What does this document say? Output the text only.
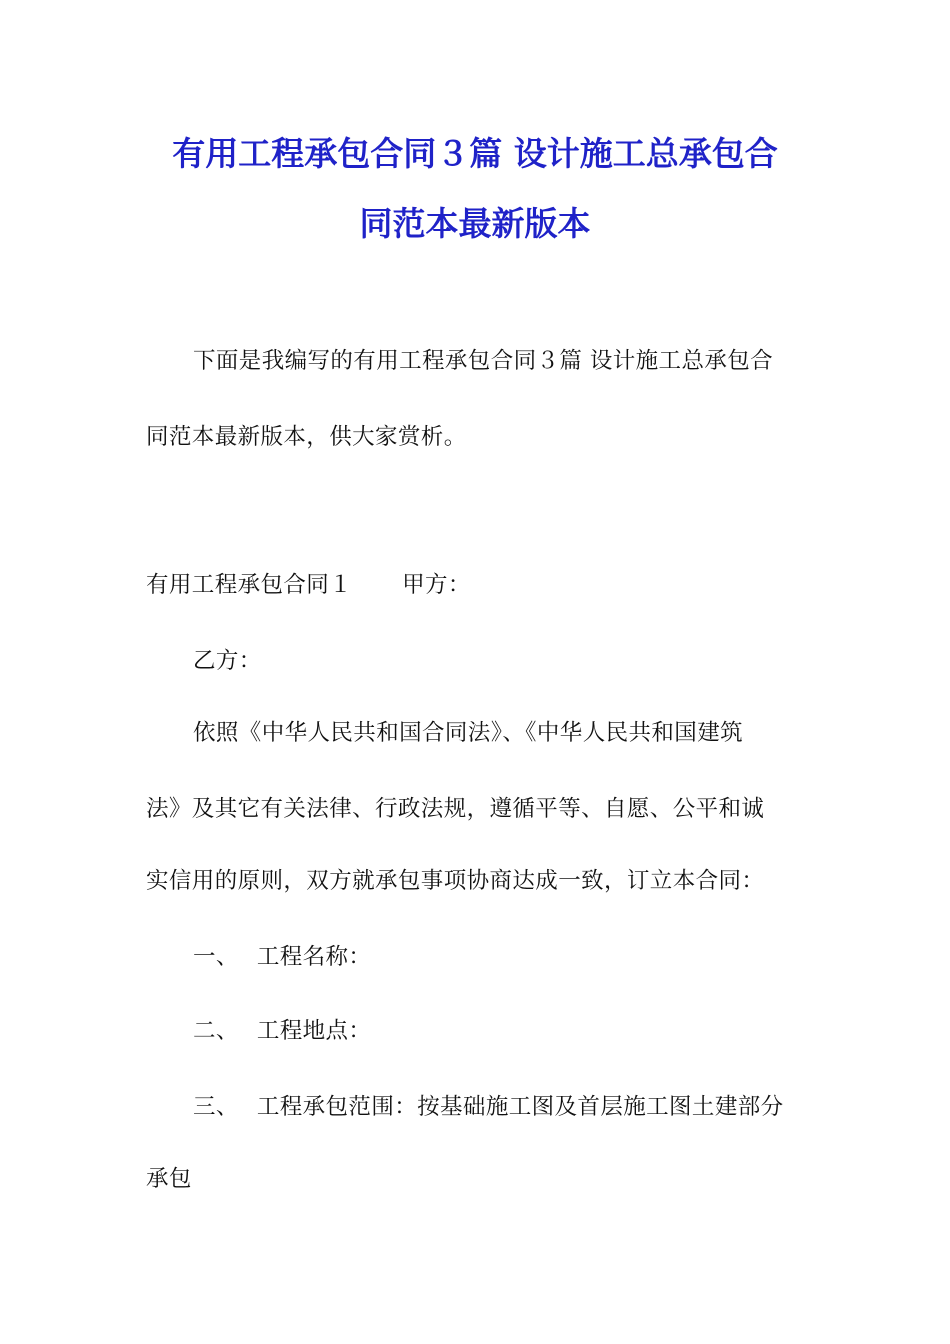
有用工程承包合同３篇 设计施工总承包合
同范本最新版本
下面是我编写的有用工程承包合同３篇 设计施工总承包合
同范本最新版本，供大家赏析。
有用工程承包合同１ 甲方：
乙方：
依照《中华人民共和国合同法》、《中华人民共和国建筑
法》及其它有关法律、行政法规，遵循平等、自愿、公平和诚
实信用的原则，双方就承包事项协商达成一致，订立本合同：
一、 工程名称：
二、 工程地点：
三、 工程承包范围：按基础施工图及首层施工图土建部分
承包
